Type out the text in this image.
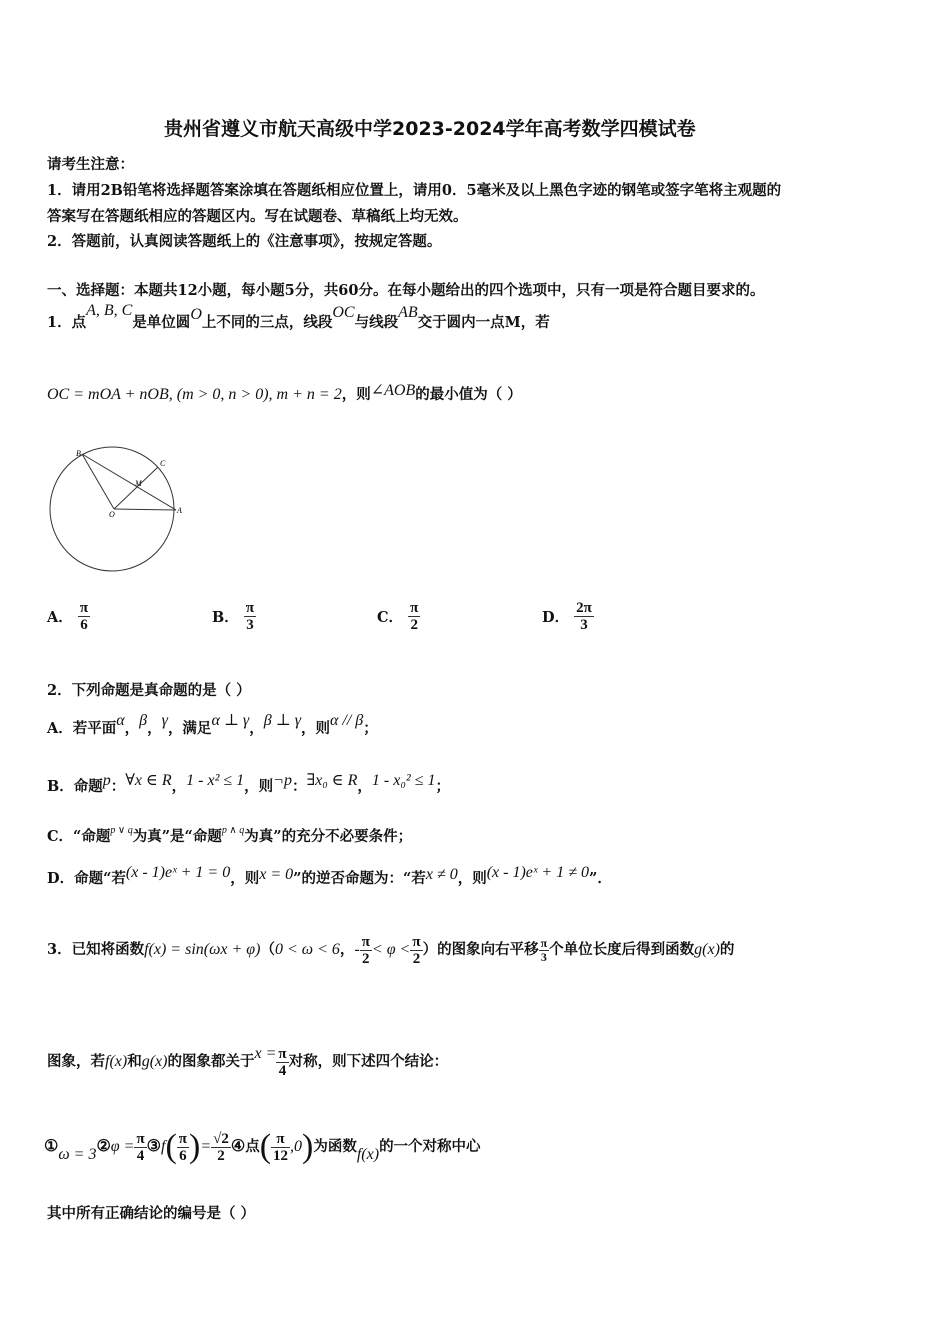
贵州省遵义市航天高级中学2023-2024学年高考数学四模试卷
请考生注意：
1．请用2B铅笔将选择题答案涂填在答题纸相应位置上，请用0．5毫米及以上黑色字迹的钢笔或签字笔将主观题的
答案写在答题纸相应的答题区内。写在试题卷、草稿纸上均无效。
2．答题前，认真阅读答题纸上的《注意事项》，按规定答题。
一、选择题：本题共12小题，每小题5分，共60分。在每小题给出的四个选项中，只有一项是符合题目要求的。
1．点A, B, C是单位圆O上不同的三点，线段OC与线段AB交于圆内一点M，若
OC = mOA + nOB, (m > 0, n > 0), m + n = 2，则∠AOB的最小值为（ ）
B
C
M
O	A
A． $\frac{\pi}{6}$	B． $\frac{\pi}{3}$	C． $\frac{\pi}{2}$	D． $\frac{2\pi}{3}$
2．下列命题是真命题的是（ ）
A．若平面α，β，γ，满足α ⊥ γ，β ⊥ γ，则α // β；
B．命题p：∀x ∈ R，1 - x² ≤ 1，则¬p：∃x₀ ∈ R，1 - x₀² ≤ 1；
C．“命题$^{p \vee q}$为真”是“命题$^{p \wedge q}$为真”的充分不必要条件；
D．命题“若(x - 1)eˣ + 1 = 0，则x = 0”的逆否命题为：“若x ≠ 0，则(x - 1)eˣ + 1 ≠ 0”．
3．已知将函数f(x) = sin(ωx + φ)（0 < ω < 6，- $\frac{\pi}{2} < \varphi < \frac{\pi}{2}$ ）的图象向右平移 $\frac{\pi}{3}$ 个单位长度后得到函数g(x)的
图象，若f(x)和g(x)的图象都关于$x = \frac{\pi}{4}$ 对称，则下述四个结论：
①ω = 3②φ = $\frac{\pi}{4}$ ③f( $\frac{\pi}{6}$ )= $\frac{√2}{2}$ ④点( $\frac{\pi}{12} ,0$)为函数f(x)的一个对称中心
其中所有正确结论的编号是（ ）
